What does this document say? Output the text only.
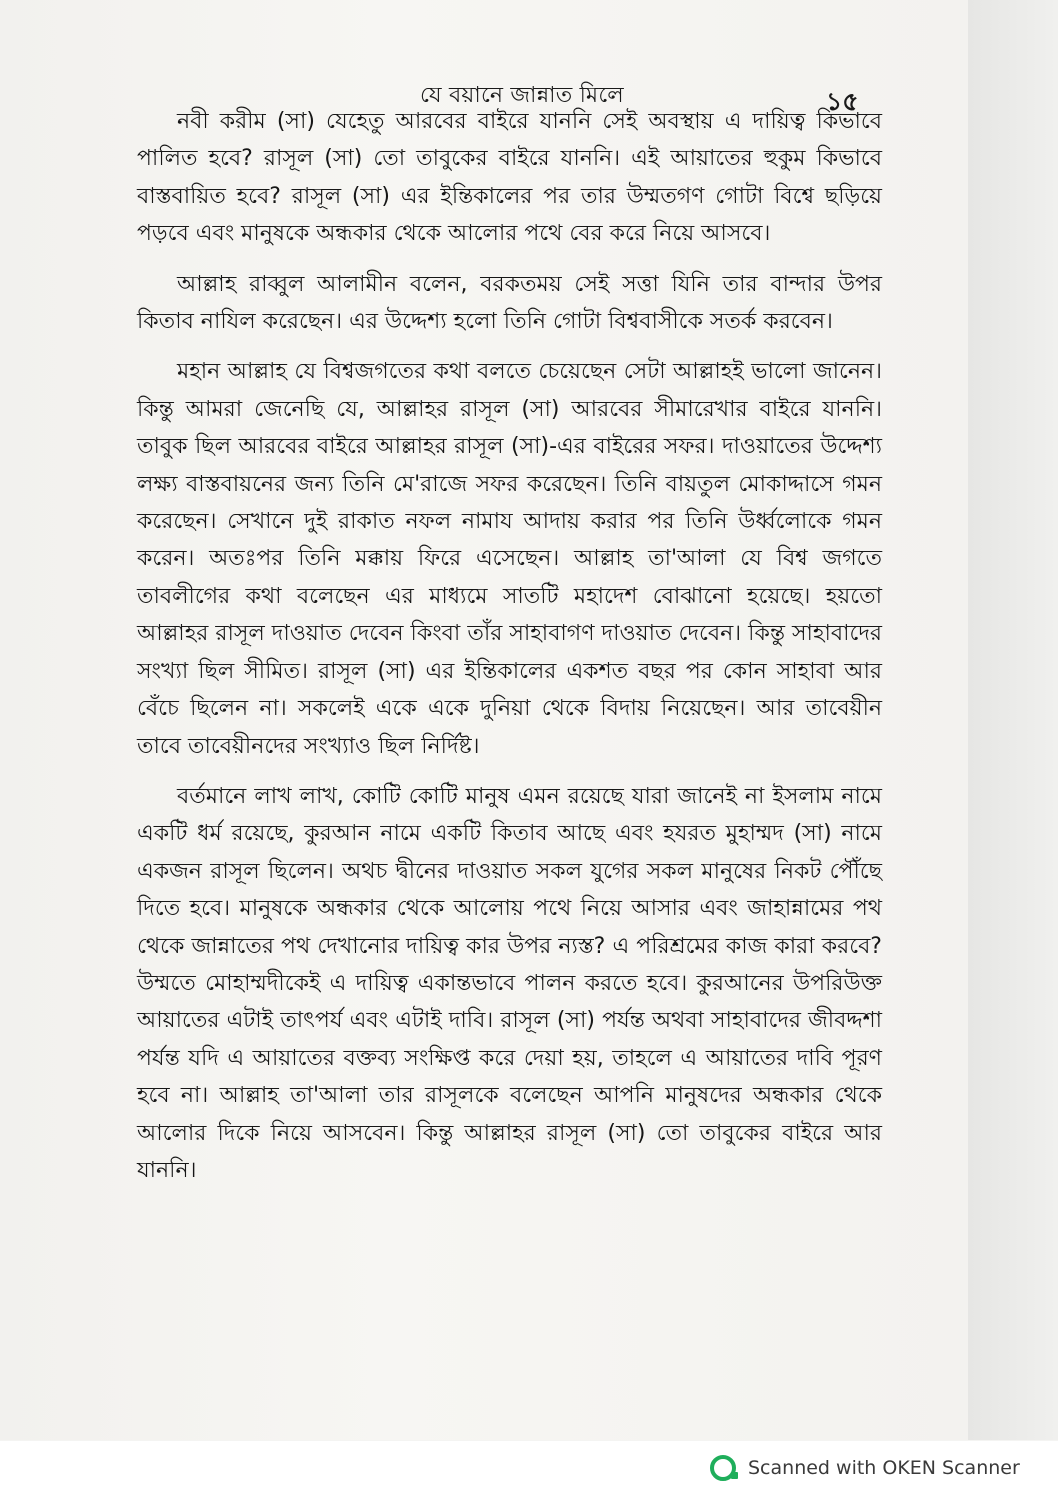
যে বয়ানে জান্নাত মিলে	১৫

নবী করীম (সা) যেহেতু আরবের বাইরে যাননি সেই অবস্থায় এ দায়িত্ব কিভাবে পালিত হবে? রাসূল (সা) তো তাবুকের বাইরে যাননি। এই আয়াতের হুকুম কিভাবে বাস্তবায়িত হবে? রাসূল (সা) এর ইন্তিকালের পর তার উম্মতগণ গোটা বিশ্বে ছড়িয়ে পড়বে এবং মানুষকে অন্ধকার থেকে আলোর পথে বের করে নিয়ে আসবে।

আল্লাহ রাব্বুল আলামীন বলেন, বরকতময় সেই সত্তা যিনি তার বান্দার উপর কিতাব নাযিল করেছেন। এর উদ্দেশ্য হলো তিনি গোটা বিশ্ববাসীকে সতর্ক করবেন।

মহান আল্লাহ যে বিশ্বজগতের কথা বলতে চেয়েছেন সেটা আল্লাহই ভালো জানেন। কিন্তু আমরা জেনেছি যে, আল্লাহর রাসূল (সা) আরবের সীমারেখার বাইরে যাননি। তাবুক ছিল আরবের বাইরে আল্লাহর রাসূল (সা)-এর বাইরের সফর। দাওয়াতের উদ্দেশ্য লক্ষ্য বাস্তবায়নের জন্য তিনি মে'রাজে সফর করেছেন। তিনি বায়তুল মোকাদ্দাসে গমন করেছেন। সেখানে দুই রাকাত নফল নামায আদায় করার পর তিনি উর্ধ্বলোকে গমন করেন। অতঃপর তিনি মক্কায় ফিরে এসেছেন। আল্লাহ তা'আলা যে বিশ্ব জগতে তাবলীগের কথা বলেছেন এর মাধ্যমে সাতটি মহাদেশ বোঝানো হয়েছে। হয়তো আল্লাহর রাসূল দাওয়াত দেবেন কিংবা তাঁর সাহাবাগণ দাওয়াত দেবেন। কিন্তু সাহাবাদের সংখ্যা ছিল সীমিত। রাসূল (সা) এর ইন্তিকালের একশত বছর পর কোন সাহাবা আর বেঁচে ছিলেন না। সকলেই একে একে দুনিয়া থেকে বিদায় নিয়েছেন। আর তাবেয়ীন তাবে তাবেয়ীনদের সংখ্যাও ছিল নির্দিষ্ট।

বর্তমানে লাখ লাখ, কোটি কোটি মানুষ এমন রয়েছে যারা জানেই না ইসলাম নামে একটি ধর্ম রয়েছে, কুরআন নামে একটি কিতাব আছে এবং হযরত মুহাম্মদ (সা) নামে একজন রাসূল ছিলেন। অথচ দ্বীনের দাওয়াত সকল যুগের সকল মানুষের নিকট পৌঁছে দিতে হবে। মানুষকে অন্ধকার থেকে আলোয় পথে নিয়ে আসার এবং জাহান্নামের পথ থেকে জান্নাতের পথ দেখানোর দায়িত্ব কার উপর ন্যস্ত? এ পরিশ্রমের কাজ কারা করবে? উম্মতে মোহাম্মদীকেই এ দায়িত্ব একান্তভাবে পালন করতে হবে। কুরআনের উপরিউক্ত আয়াতের এটাই তাৎপর্য এবং এটাই দাবি। রাসূল (সা) পর্যন্ত অথবা সাহাবাদের জীবদ্দশা পর্যন্ত যদি এ আয়াতের বক্তব্য সংক্ষিপ্ত করে দেয়া হয়, তাহলে এ আয়াতের দাবি পূরণ হবে না। আল্লাহ তা'আলা তার রাসূলকে বলেছেন আপনি মানুষদের অন্ধকার থেকে আলোর দিকে নিয়ে আসবেন। কিন্তু আল্লাহর রাসূল (সা) তো তাবুকের বাইরে আর যাননি।

Scanned with OKEN Scanner
